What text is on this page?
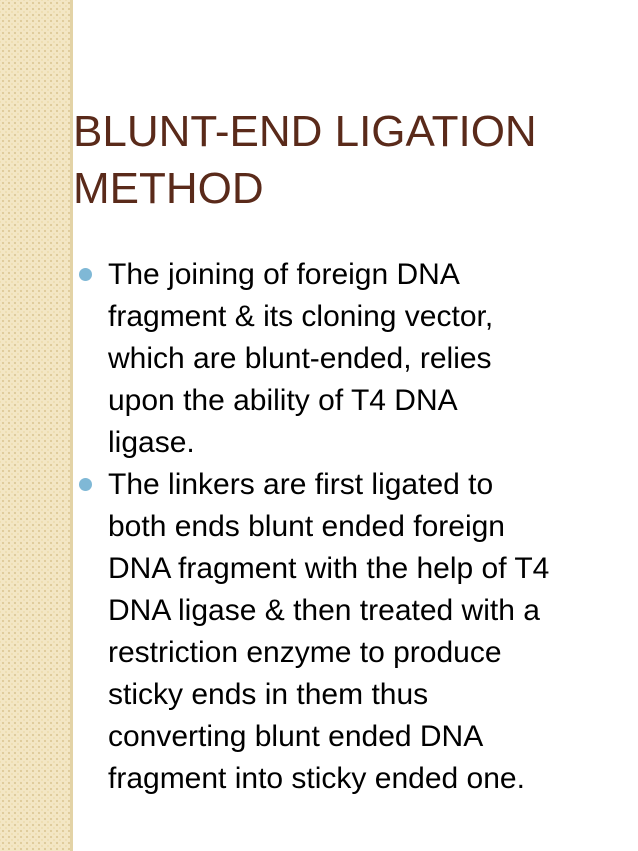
BLUNT-END LIGATION
METHOD
The joining of foreign DNA
fragment & its cloning vector,
which are blunt-ended, relies
upon the ability of T4 DNA
ligase.
The linkers are first ligated to
both ends blunt ended foreign
DNA fragment with the help of T4
DNA ligase & then treated with a
restriction enzyme to produce
sticky ends in them thus
converting blunt ended DNA
fragment into sticky ended one.
